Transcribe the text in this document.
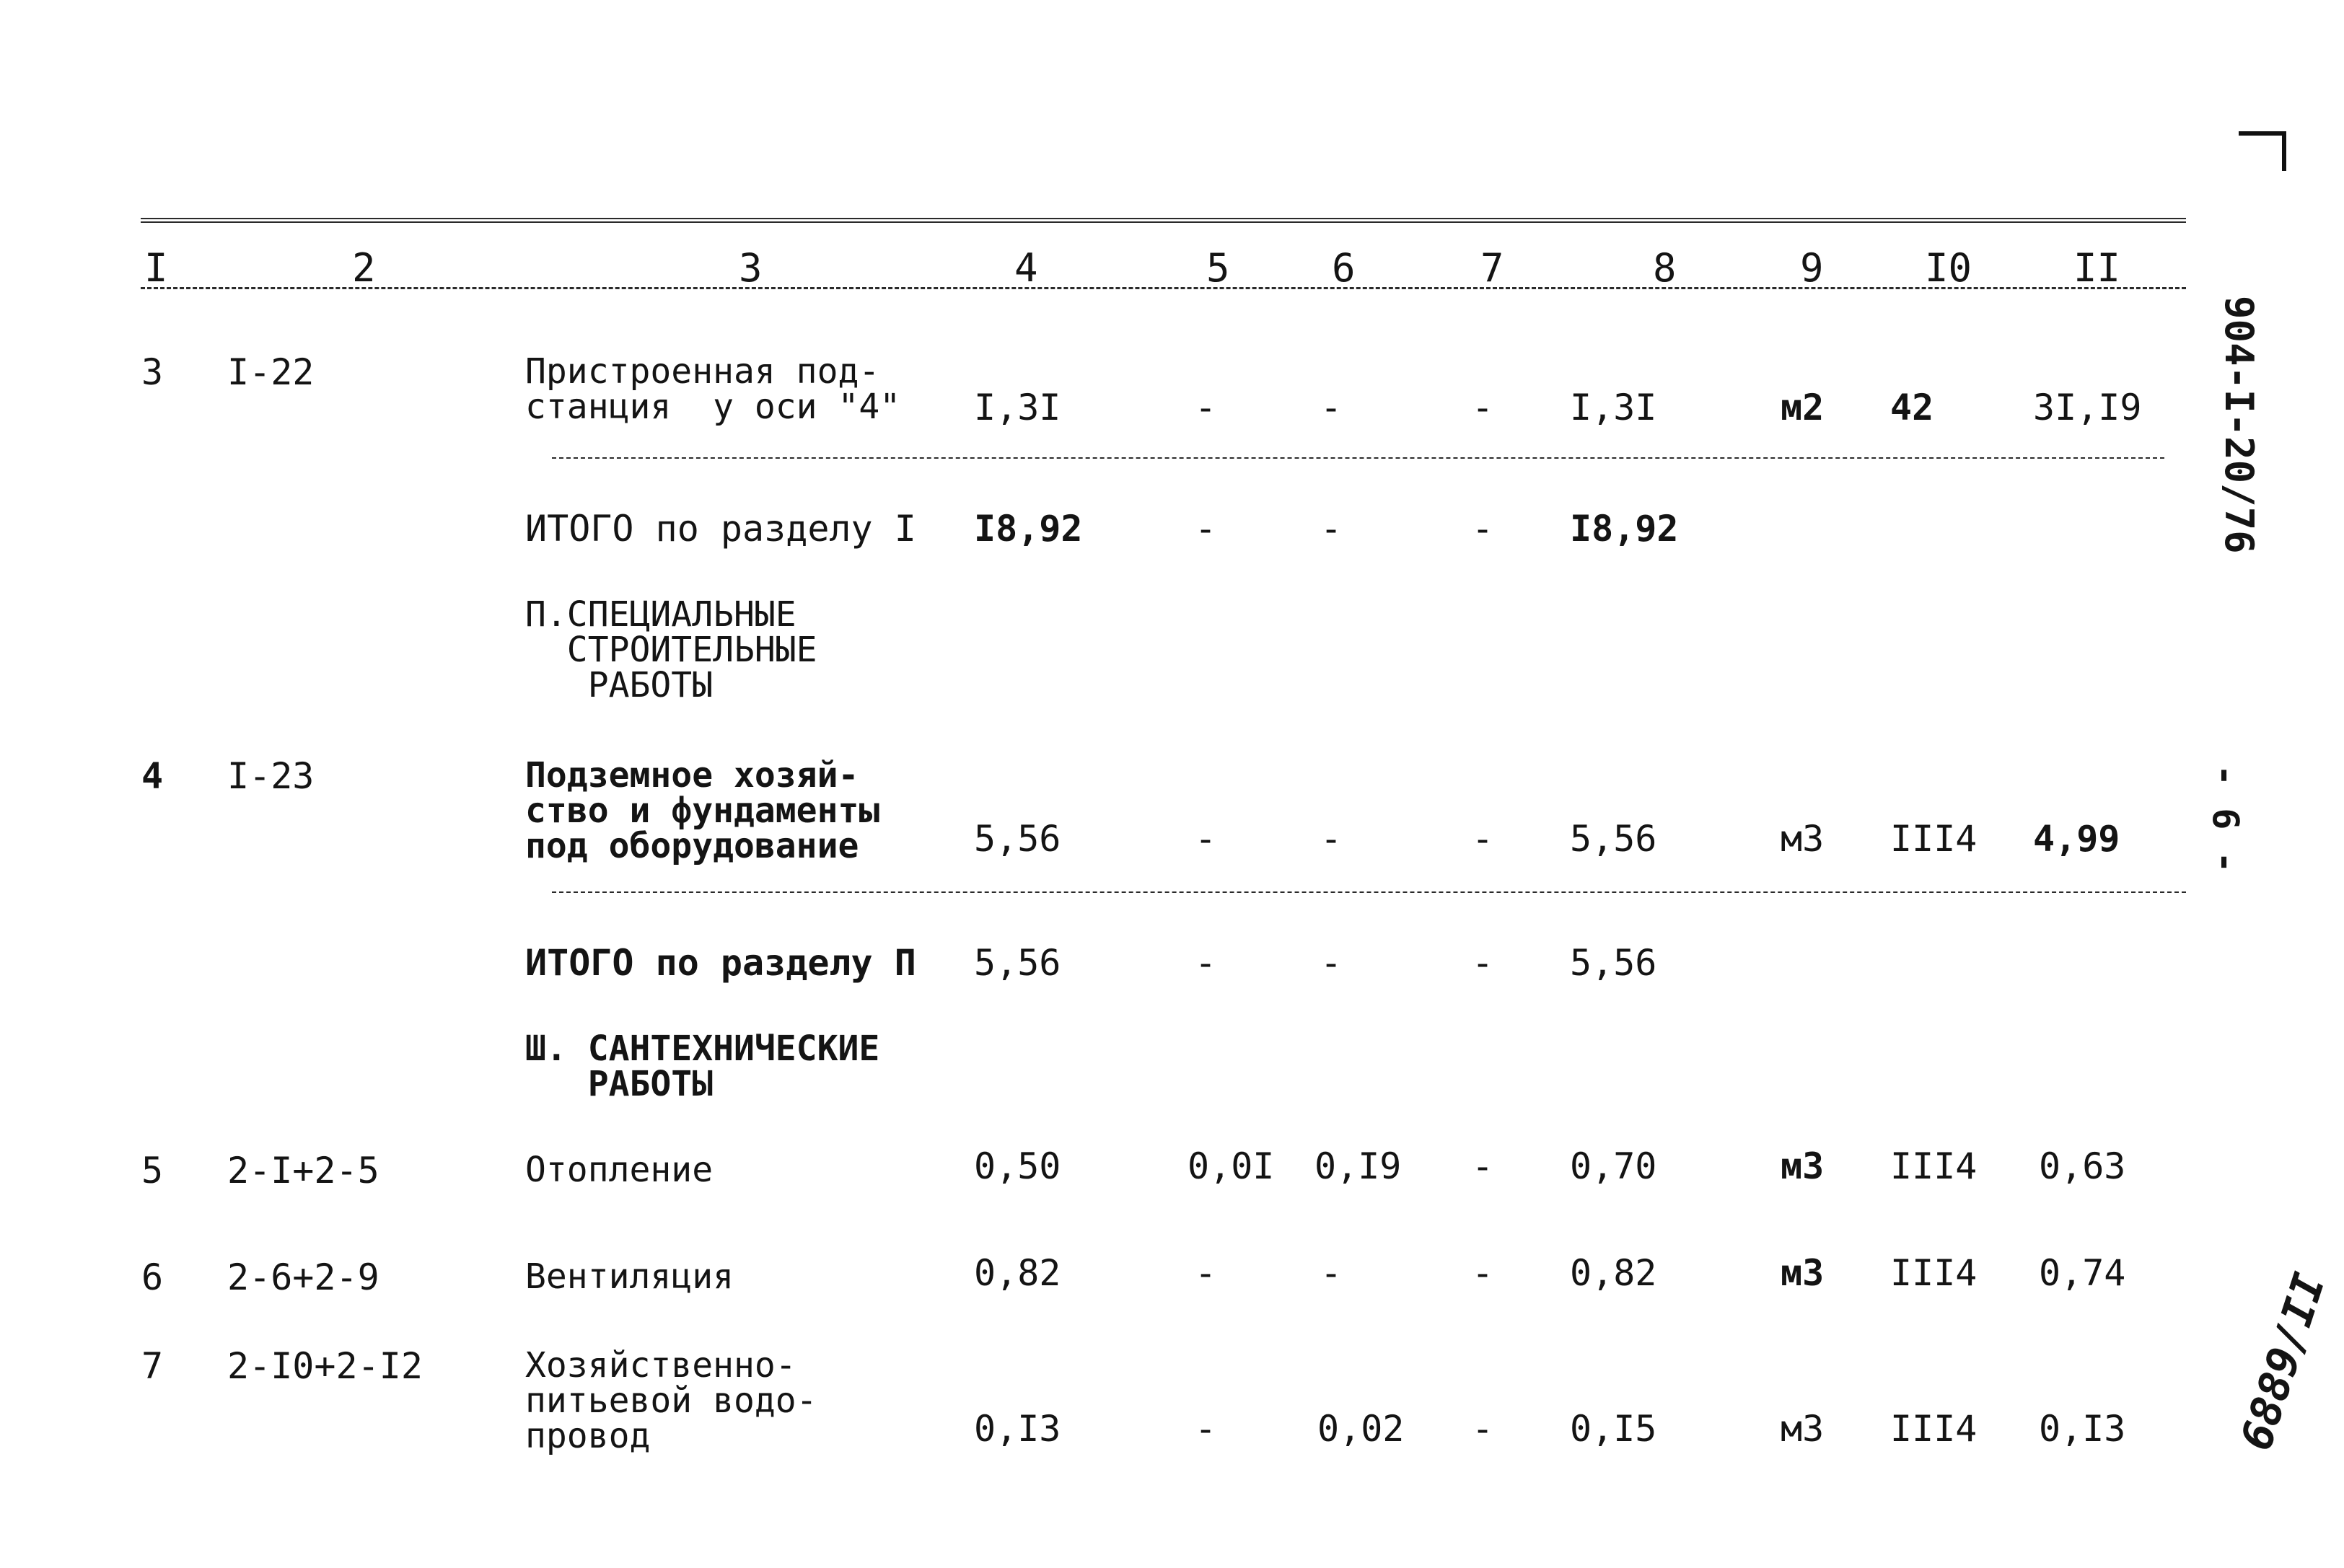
I	2	3	4	5	6	7	8	9	I0	II
3 I-22	Пристроенная под-
станция  у оси "4" I,3I	-	-	- I,3I	м2 42	3I,I9
ИТОГО по разделу I I8,92	-	-	- I8,92
П.СПЕЦИАЛЬНЫЕ
СТРОИТЕЛЬНЫЕ
РАБОТЫ
4 I-23	Подземное хозяй-
ство и фундаменты
под оборудование	5,56	-	-	- 5,56	м3 III4 4,99
ИТОГО по разделу П 5,56	-	-	- 5,56
Ш. САНТЕХНИЧЕСКИЕ
РАБОТЫ
5 2-I+2-5	Отопление	0,50	0,0I 0,I9 - 0,70	м3 III4 0,63
6 2-6+2-9	Вентиляция	0,82	-	-	- 0,82	м3 III4 0,74
7 2-I0+2-I2	Хозяйственно-
питьевой водо-
провод	0,I3	-	0,02 - 0,I5	м3 III4 0,I3
904-I-20/76
- 6 -
6889/II
